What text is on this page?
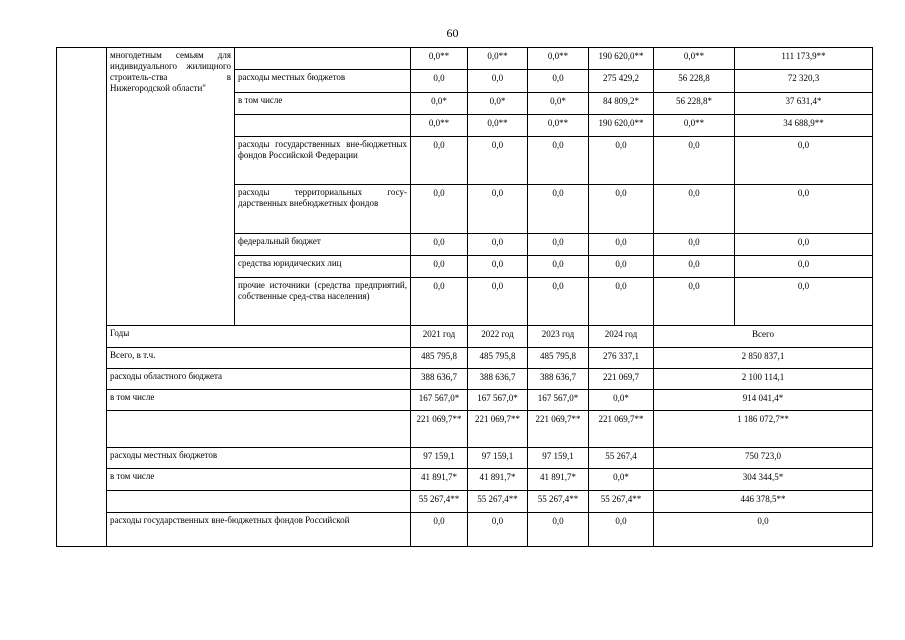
60
	многодетным семьям для индивидуального жилищного строитель-ства в Нижегородской области"		0,0**	0,0**	0,0**	190 620,0**	0,0**	111 173,9**
		расходы местных бюджетов	0,0	0,0	0,0	275 429,2	56 228,8	72 320,3
		в том числе	0,0*	0,0*	0,0*	84 809,2*	56 228,8*	37 631,4*
			0,0**	0,0**	0,0**	190 620,0**	0,0**	34 688,9**
		расходы государственных вне-бюджетных фондов Российской Федерации	0,0	0,0	0,0	0,0	0,0	0,0
		расходы территориальных госу-дарственных внебюджетных фондов	0,0	0,0	0,0	0,0	0,0	0,0
		федеральный бюджет	0,0	0,0	0,0	0,0	0,0	0,0
		средства юридических лиц	0,0	0,0	0,0	0,0	0,0	0,0
		прочие источники (средства предприятий, собственные сред-ства населения)	0,0	0,0	0,0	0,0	0,0	0,0
	Годы		2021 год	2022 год	2023 год	2024 год	Всего	
	Всего, в т.ч.		485 795,8	485 795,8	485 795,8	276 337,1	2 850 837,1	
	расходы областного бюджета		388 636,7	388 636,7	388 636,7	221 069,7	2 100 114,1	
	в том числе		167 567,0*	167 567,0*	167 567,0*	0,0*	914 041,4*	
			221 069,7**	221 069,7**	221 069,7**	221 069,7**	1 186 072,7**	
	расходы местных бюджетов		97 159,1	97 159,1	97 159,1	55 267,4	750 723,0	
	в том числе		41 891,7*	41 891,7*	41 891,7*	0,0*	304 344,5*	
			55 267,4**	55 267,4**	55 267,4**	55 267,4**	446 378,5**	
	расходы государственных вне-бюджетных фондов Российской		0,0	0,0	0,0	0,0	0,0	
